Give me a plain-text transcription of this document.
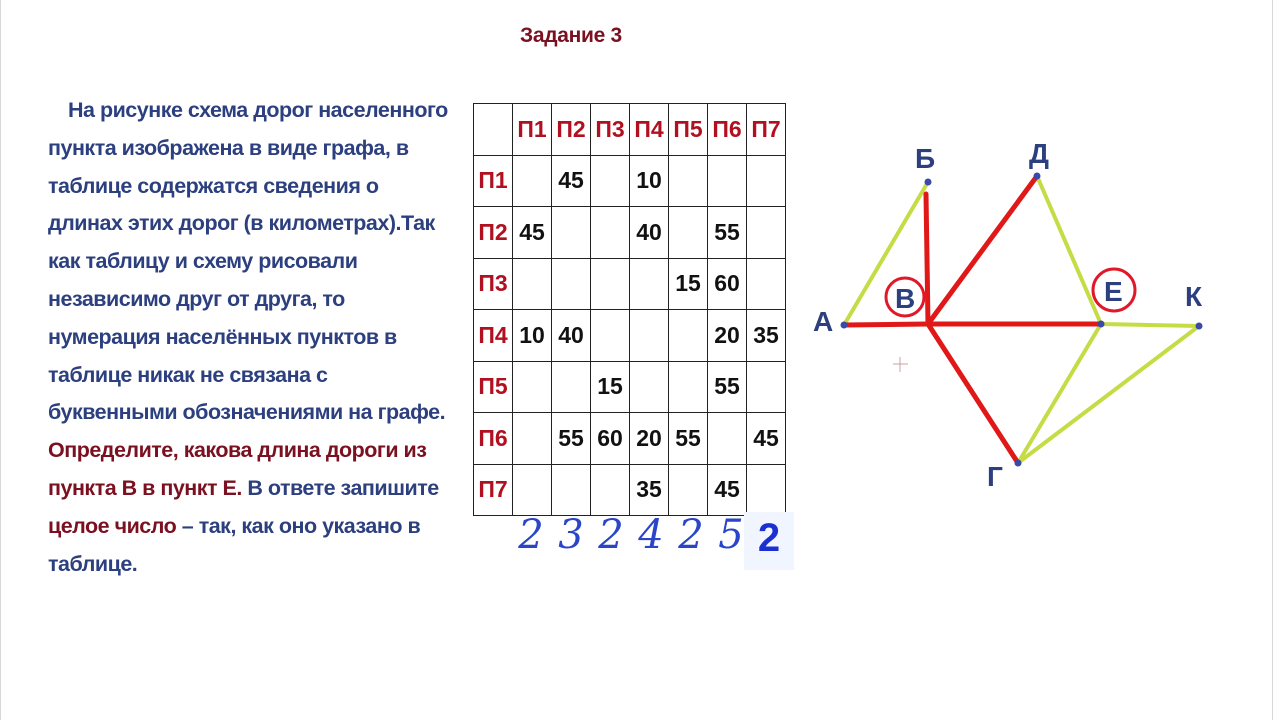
Задание 3

На рисунке схема дорог населенного пункта изображена в виде графа, в таблице содержатся сведения о длинах этих дорог (в километрах).Так как таблицу и схему рисовали независимо друг от друга, то нумерация населённых пунктов в таблице никак не связана с буквенными обозначениями на графе. Определите, какова длина дороги из пункта В в пункт Е. В ответе запишите целое число – так, как оно указано в таблице.

	П1	П2	П3	П4	П5	П6	П7
П1		45		10			
П2	45			40		55	
П3					15	60	
П4	10	40				20	35
П5			15			55	
П6		55	60	20	55		45
П7				35		45	
2 3 2 4 2 5 2
А
Б
В
Д
Е К
Г
